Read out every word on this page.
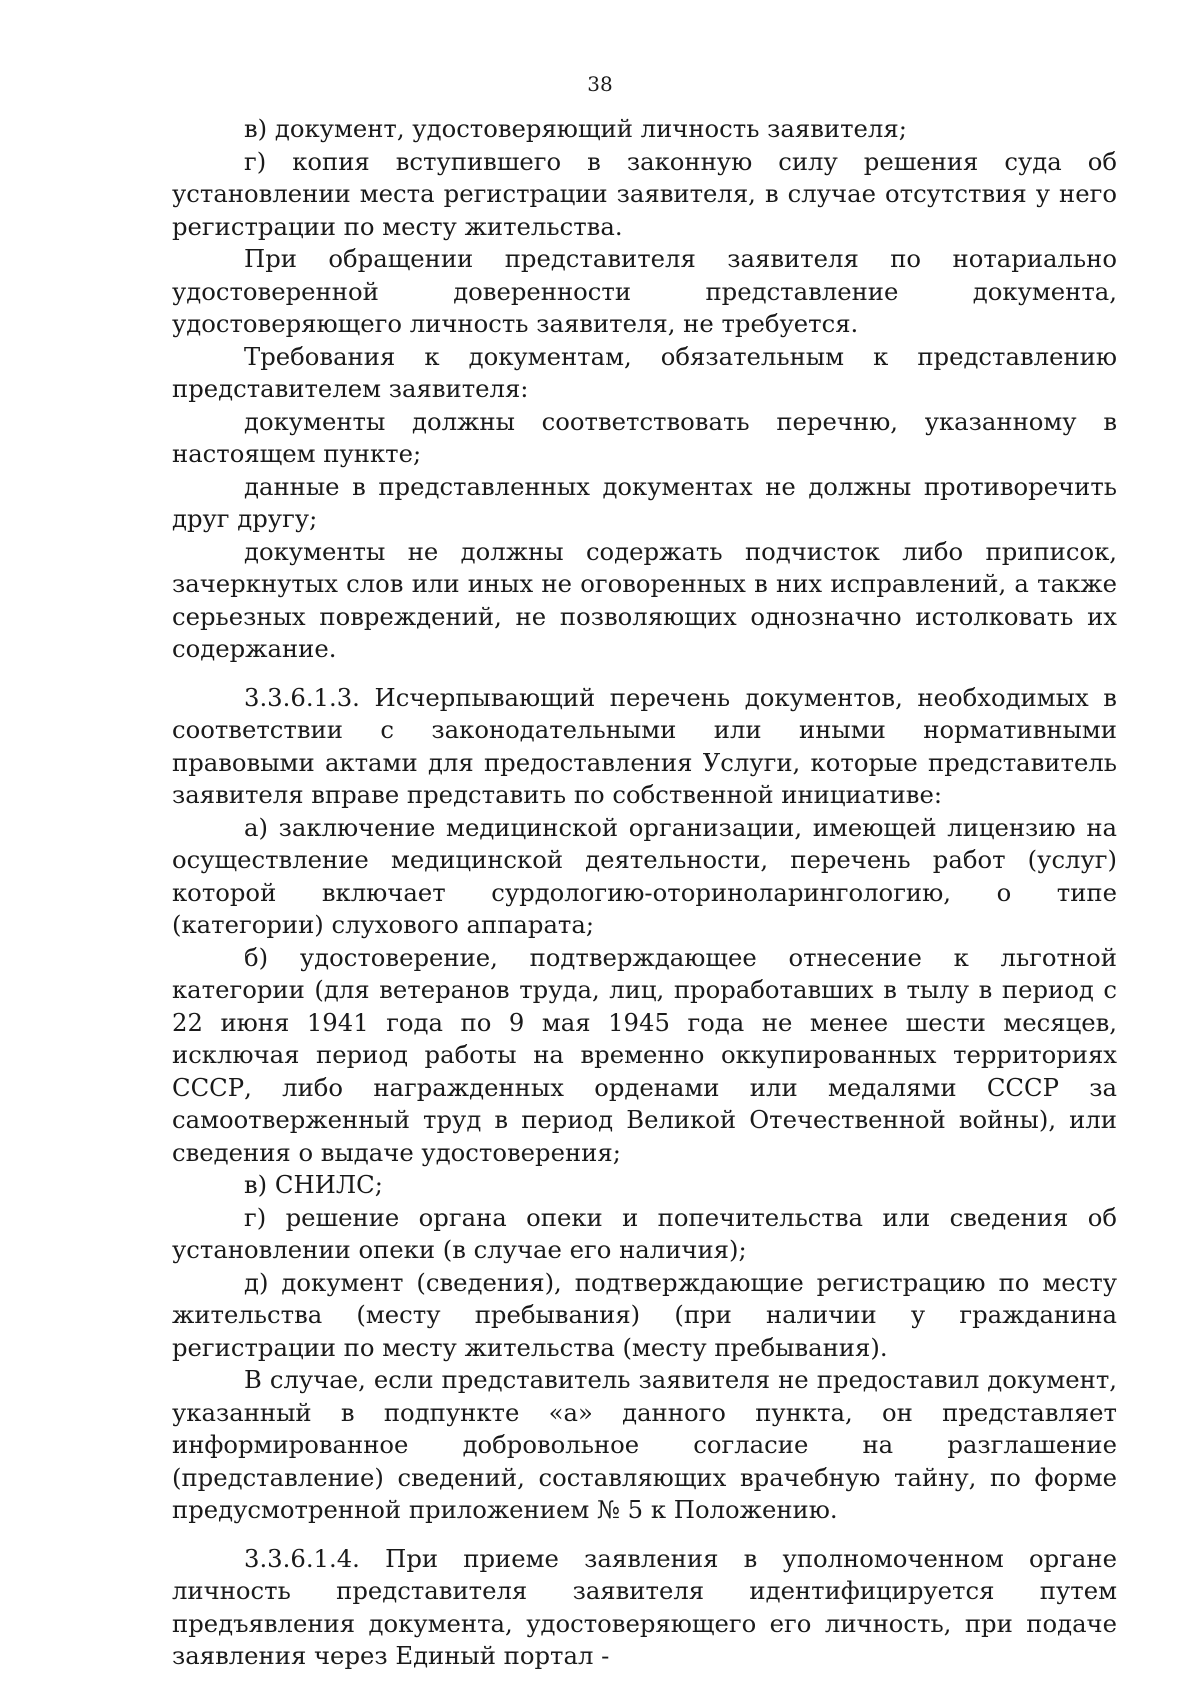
38

в) документ, удостоверяющий личность заявителя;

г) копия вступившего в законную силу решения суда об установлении места регистрации заявителя, в случае отсутствия у него регистрации по месту жительства.

При обращении представителя заявителя по нотариально удостоверенной доверенности представление документа, удостоверяющего личность заявителя, не требуется.

Требования к документам, обязательным к представлению представителем заявителя:

документы должны соответствовать перечню, указанному в настоящем пункте;

данные в представленных документах не должны противоречить друг другу;

документы не должны содержать подчисток либо приписок, зачеркнутых слов или иных не оговоренных в них исправлений, а также серьезных повреждений, не позволяющих однозначно истолковать их содержание.

3.3.6.1.3. Исчерпывающий перечень документов, необходимых в соответствии с законодательными или иными нормативными правовыми актами для предоставления Услуги, которые представитель заявителя вправе представить по собственной инициативе:

а) заключение медицинской организации, имеющей лицензию на осуществление медицинской деятельности, перечень работ (услуг) которой включает сурдологию-оториноларингологию, о типе (категории) слухового аппарата;

б) удостоверение, подтверждающее отнесение к льготной категории (для ветеранов труда, лиц, проработавших в тылу в период с 22 июня 1941 года по 9 мая 1945 года не менее шести месяцев, исключая период работы на временно оккупированных территориях СССР, либо награжденных орденами или медалями СССР за самоотверженный труд в период Великой Отечественной войны), или сведения о выдаче удостоверения;

в) СНИЛС;

г) решение органа опеки и попечительства или сведения об установлении опеки (в случае его наличия);

д) документ (сведения), подтверждающие регистрацию по месту жительства (месту пребывания) (при наличии у гражданина регистрации по месту жительства (месту пребывания).

В случае, если представитель заявителя не предоставил документ, указанный в подпункте «а» данного пункта, он представляет информированное добровольное согласие на разглашение (представление) сведений, составляющих врачебную тайну, по форме предусмотренной приложением № 5 к Положению.

3.3.6.1.4. При приеме заявления в уполномоченном органе личность представителя заявителя идентифицируется путем предъявления документа, удостоверяющего его личность, при подаче заявления через Единый портал -
